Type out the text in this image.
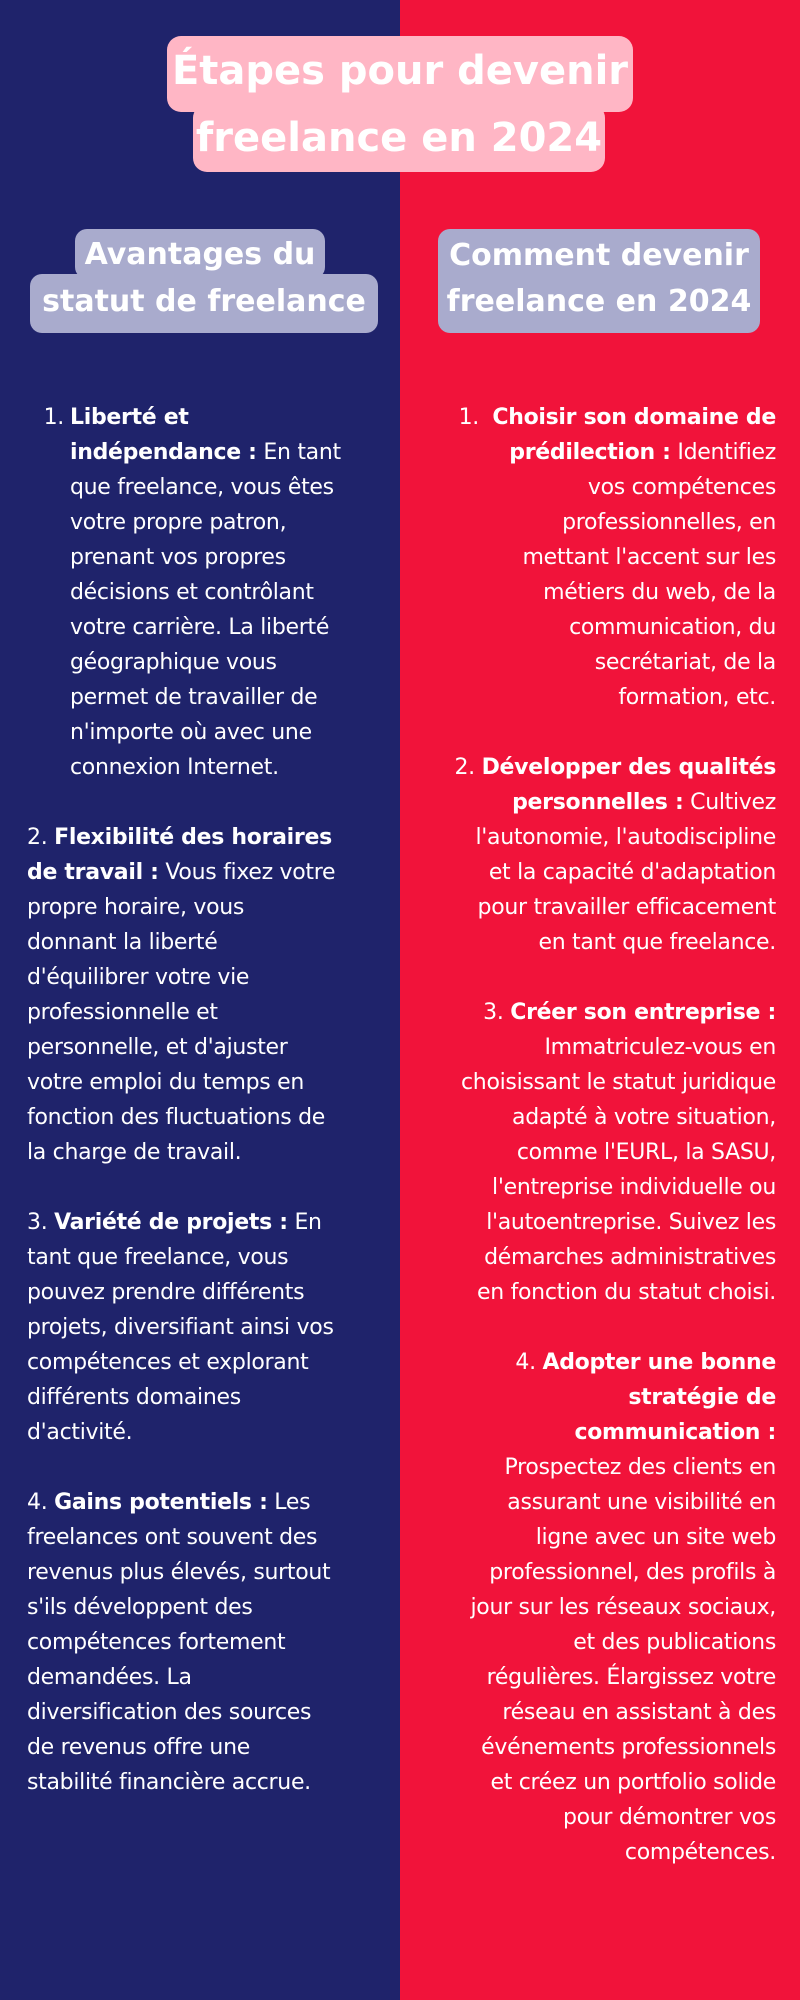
Étapes pour devenir
freelance en 2024
Avantages du
statut de freelance
Comment devenir
freelance en 2024
1. Liberté et
indépendance : En tant
que freelance, vous êtes
votre propre patron,
prenant vos propres
décisions et contrôlant
votre carrière. La liberté
géographique vous
permet de travailler de
n'importe où avec une
connexion Internet.
2. Flexibilité des horaires
de travail : Vous fixez votre
propre horaire, vous
donnant la liberté
d'équilibrer votre vie
professionnelle et
personnelle, et d'ajuster
votre emploi du temps en
fonction des fluctuations de
la charge de travail.
3. Variété de projets : En
tant que freelance, vous
pouvez prendre différents
projets, diversifiant ainsi vos
compétences et explorant
différents domaines
d'activité.
4. Gains potentiels : Les
freelances ont souvent des
revenus plus élevés, surtout
s'ils développent des
compétences fortement
demandées. La
diversification des sources
de revenus offre une
stabilité financière accrue.
1.  Choisir son domaine de
prédilection : Identifiez
vos compétences
professionnelles, en
mettant l'accent sur les
métiers du web, de la
communication, du
secrétariat, de la
formation, etc.
2. Développer des qualités
personnelles : Cultivez
l'autonomie, l'autodiscipline
et la capacité d'adaptation
pour travailler efficacement
en tant que freelance.
3. Créer son entreprise :
Immatriculez-vous en
choisissant le statut juridique
adapté à votre situation,
comme l'EURL, la SASU,
l'entreprise individuelle ou
l'autoentreprise. Suivez les
démarches administratives
en fonction du statut choisi.
4. Adopter une bonne
stratégie de
communication :
Prospectez des clients en
assurant une visibilité en
ligne avec un site web
professionnel, des profils à
jour sur les réseaux sociaux,
et des publications
régulières. Élargissez votre
réseau en assistant à des
événements professionnels
et créez un portfolio solide
pour démontrer vos
compétences.
